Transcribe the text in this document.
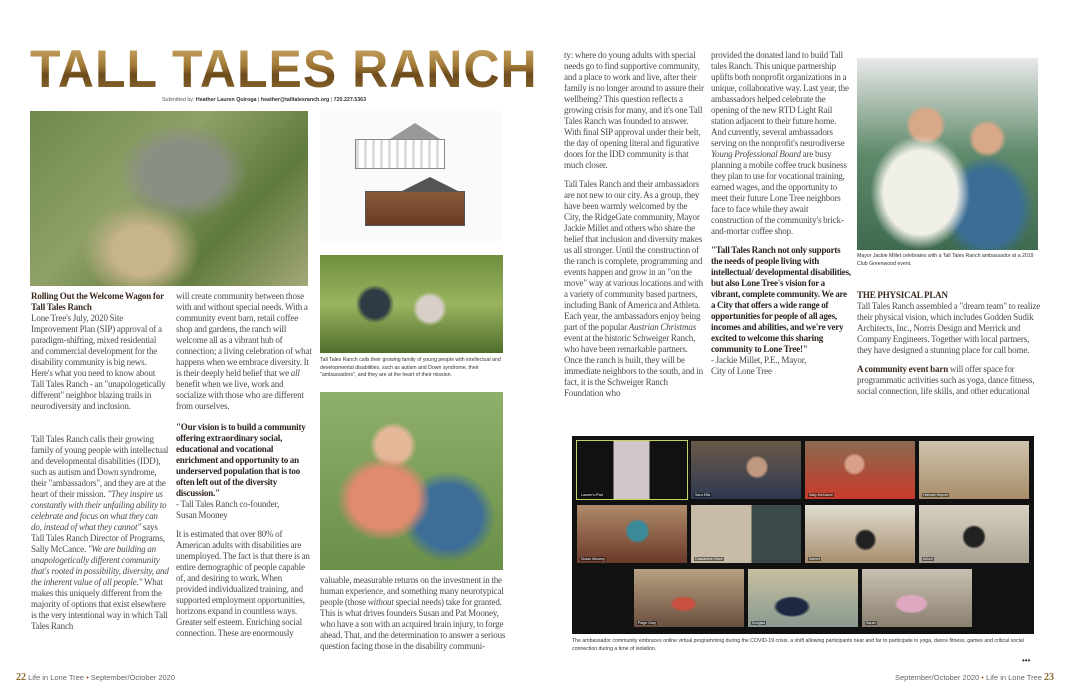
TALL TALES RANCH
Submitted by: Heather Lauren Quiroga | heather@talltalesranch.org | 720.227.5363
Tall Tales Ranch calls their growing family of young people with intellectual and developmental disabilities, such as autism and Down syndrome, their "ambassadors", and they are at the heart of their mission.
Rolling Out the Welcome Wagon for Tall Tales Ranch

Lone Tree's July, 2020 Site Improvement Plan (SIP) approval of a paradigm-shifting, mixed residential and commercial development for the disability community is big news. Here's what you need to know about Tall Tales Ranch - an "unapologetically different" neighbor blazing trails in neurodiversity and inclusion.

Tall Tales Ranch calls their growing family of young people with intellectual and developmental disabilities (IDD), such as autism and Down syndrome, their "ambassadors", and they are at the heart of their mission. "They inspire us constantly with their unfailing ability to celebrate and focus on what they can do, instead of what they cannot" says Tall Tales Ranch Director of Programs, Sally McCance. "We are building an unapologetically different community that's rooted in possibility, diversity, and the inherent value of all people." What makes this uniquely different from the majority of options that exist elsewhere is the very intentional way in which Tall Tales Ranch

will create community between those with and without special needs. With a community event barn, retail coffee shop and gardens, the ranch will welcome all as a vibrant hub of connection; a living celebration of what happens when we embrace diversity. It is their deeply held belief that we all benefit when we live, work and socialize with those who are different from ourselves.

"Our vision is to build a community offering extraordinary social, educational and vocational enrichment and opportunity to an underserved population that is too often left out of the diversity discussion."
- Tall Tales Ranch co-founder,

Susan Mooney

It is estimated that over 80% of American adults with disabilities are unemployed. The fact is that there is an entire demographic of people capable of, and desiring to work. When provided individualized training, and supported employment opportunities, horizons expand in countless ways. Greater self esteem. Enriching social connection. These are enormously

valuable, measurable returns on the investment in the human experience, and something many neurotypical people (those without special needs) take for granted. This is what drives founders Susan and Pat Mooney, who have a son with an acquired brain injury, to forge ahead. That, and the determination to answer a serious question facing those in the disability communi-

ty: where do young adults with special needs go to find supportive community, and a place to work and live, after their family is no longer around to assure their wellbeing? This question reflects a growing crisis for many, and it's one Tall Tales Ranch was founded to answer. With final SIP approval under their belt, the day of opening literal and figurative doors for the IDD community is that much closer.

Tall Tales Ranch and their ambassadors are not new to our city. As a group, they have been warmly welcomed by the City, the RidgeGate community, Mayor Jackie Millet and others who share the belief that inclusion and diversity makes us all stronger. Until the construction of the ranch is complete, programming and events happen and grow in an "on the move" way at various locations and with a variety of community based partners, including Bank of America and Athleta. Each year, the ambassadors enjoy being part of the popular Austrian Christmas event at the historic Schweiger Ranch, who have been remarkable partners. Once the ranch is built, they will be immediate neighbors to the south, and in fact, it is the Schweiger Ranch Foundation who

provided the donated land to build Tall tales Ranch. This unique partnership uplifts both nonprofit organizations in a unique, collaborative way. Last year, the ambassadors helped celebrate the opening of the new RTD Light Rail station adjacent to their future home. And currently, several ambassadors serving on the nonprofit's neurodiverse Young Professional Board are busy planning a mobile coffee truck business they plan to use for vocational training, earned wages, and the opportunity to meet their future Lone Tree neighbors face to face while they await construction of the community's brick-and-mortar coffee shop.

"Tall Tales Ranch not only supports the needs of people living with intellectual/ developmental disabilities, but also Lone Tree's vision for a vibrant, complete community. We are a City that offers a wide range of opportunities for people of all ages, incomes and abilities, and we're very excited to welcome this sharing community to Lone Tree!"
- Jackie Millet, P.E., Mayor,
City of Lone Tree
Mayor Jackie Millet celebrates with a Tall Tales Ranch ambassador at a 2019 Club Greenwood event.
THE PHYSICAL PLAN

Tall Tales Ranch assembled a "dream team" to realize their physical vision, which includes Godden Sudik Architects, Inc., Norris Design and Merrick and Company Engineers. Together with local partners, they have designed a stunning place for call home.

A community event barn will offer space for programmatic activities such as yoga, dance fitness, social connection, life skills, and other educational

Lauren's iPad	Sara Ellis	Sally McCance	Hannah Hepner
Susan Mooney	Cassandra Hines	Sammi	Alison
Paige Gray	Douglas	Sarah
The ambassador community embraces online virtual programming during the COVID-19 crisis, a shift allowing participants near and far to participate in yoga, dance fitness, games and critical social connection during a time of isolation.
•••
22 Life in Lone Tree • September/October 2020	September/October 2020 • Life in Lone Tree 23
